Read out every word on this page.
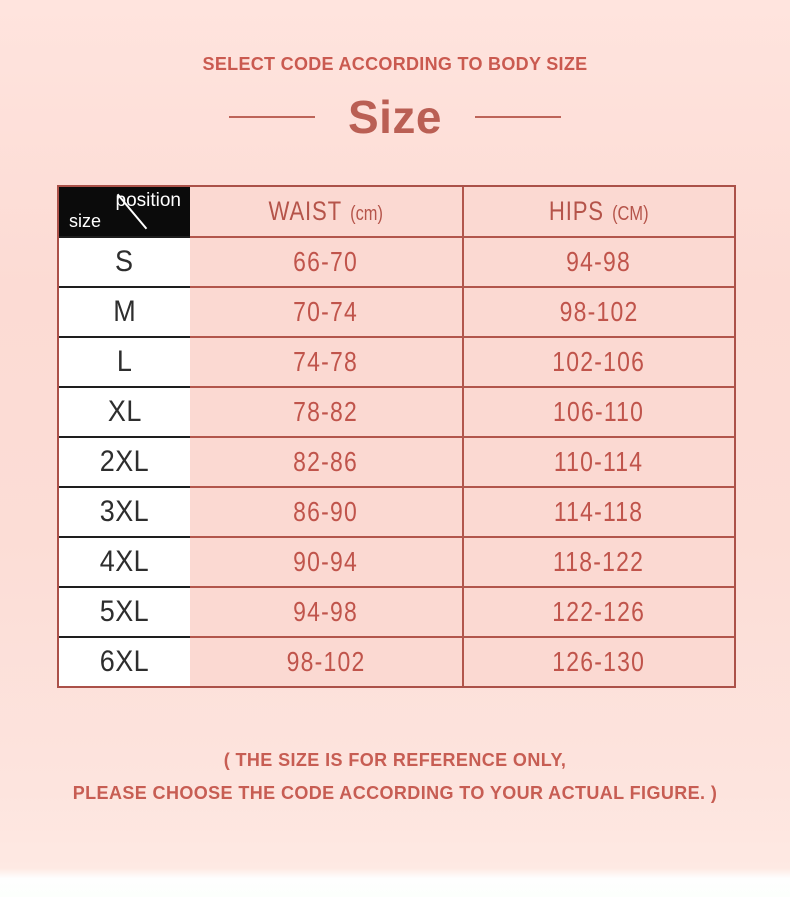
SELECT CODE ACCORDING TO BODY SIZE
Size
size
position	WAIST (cm)	HIPS (CM)
S	66-70	94-98
M	70-74	98-102
L	74-78	102-106
XL	78-82	106-110
2XL	82-86	110-114
3XL	86-90	114-118
4XL	90-94	118-122
5XL	94-98	122-126
6XL	98-102	126-130
( THE SIZE IS FOR REFERENCE ONLY,
PLEASE CHOOSE THE CODE ACCORDING TO YOUR ACTUAL FIGURE. )
